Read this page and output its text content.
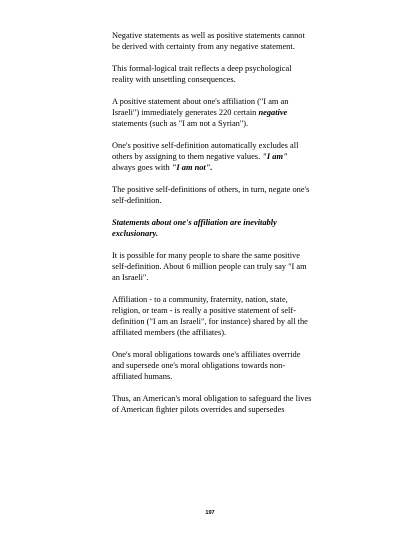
Negative statements as well as positive statements cannot be derived with certainty from any negative statement.

This formal-logical trait reflects a deep psychological reality with unsettling consequences.

A positive statement about one's affiliation ("I am an Israeli") immediately generates 220 certain negative statements (such as "I am not a Syrian").

One's positive self-definition automatically excludes all others by assigning to them negative values. "I am" always goes with "I am not".

The positive self-definitions of others, in turn, negate one's self-definition.

Statements about one's affiliation are inevitably exclusionary.

It is possible for many people to share the same positive self-definition. About 6 million people can truly say "I am an Israeli".

Affiliation - to a community, fraternity, nation, state, religion, or team - is really a positive statement of self-definition ("I am an Israeli", for instance) shared by all the affiliated members (the affiliates).

One's moral obligations towards one's affiliates override and supersede one's moral obligations towards non-affiliated humans.

Thus, an American's moral obligation to safeguard the lives of American fighter pilots overrides and supersedes

197
